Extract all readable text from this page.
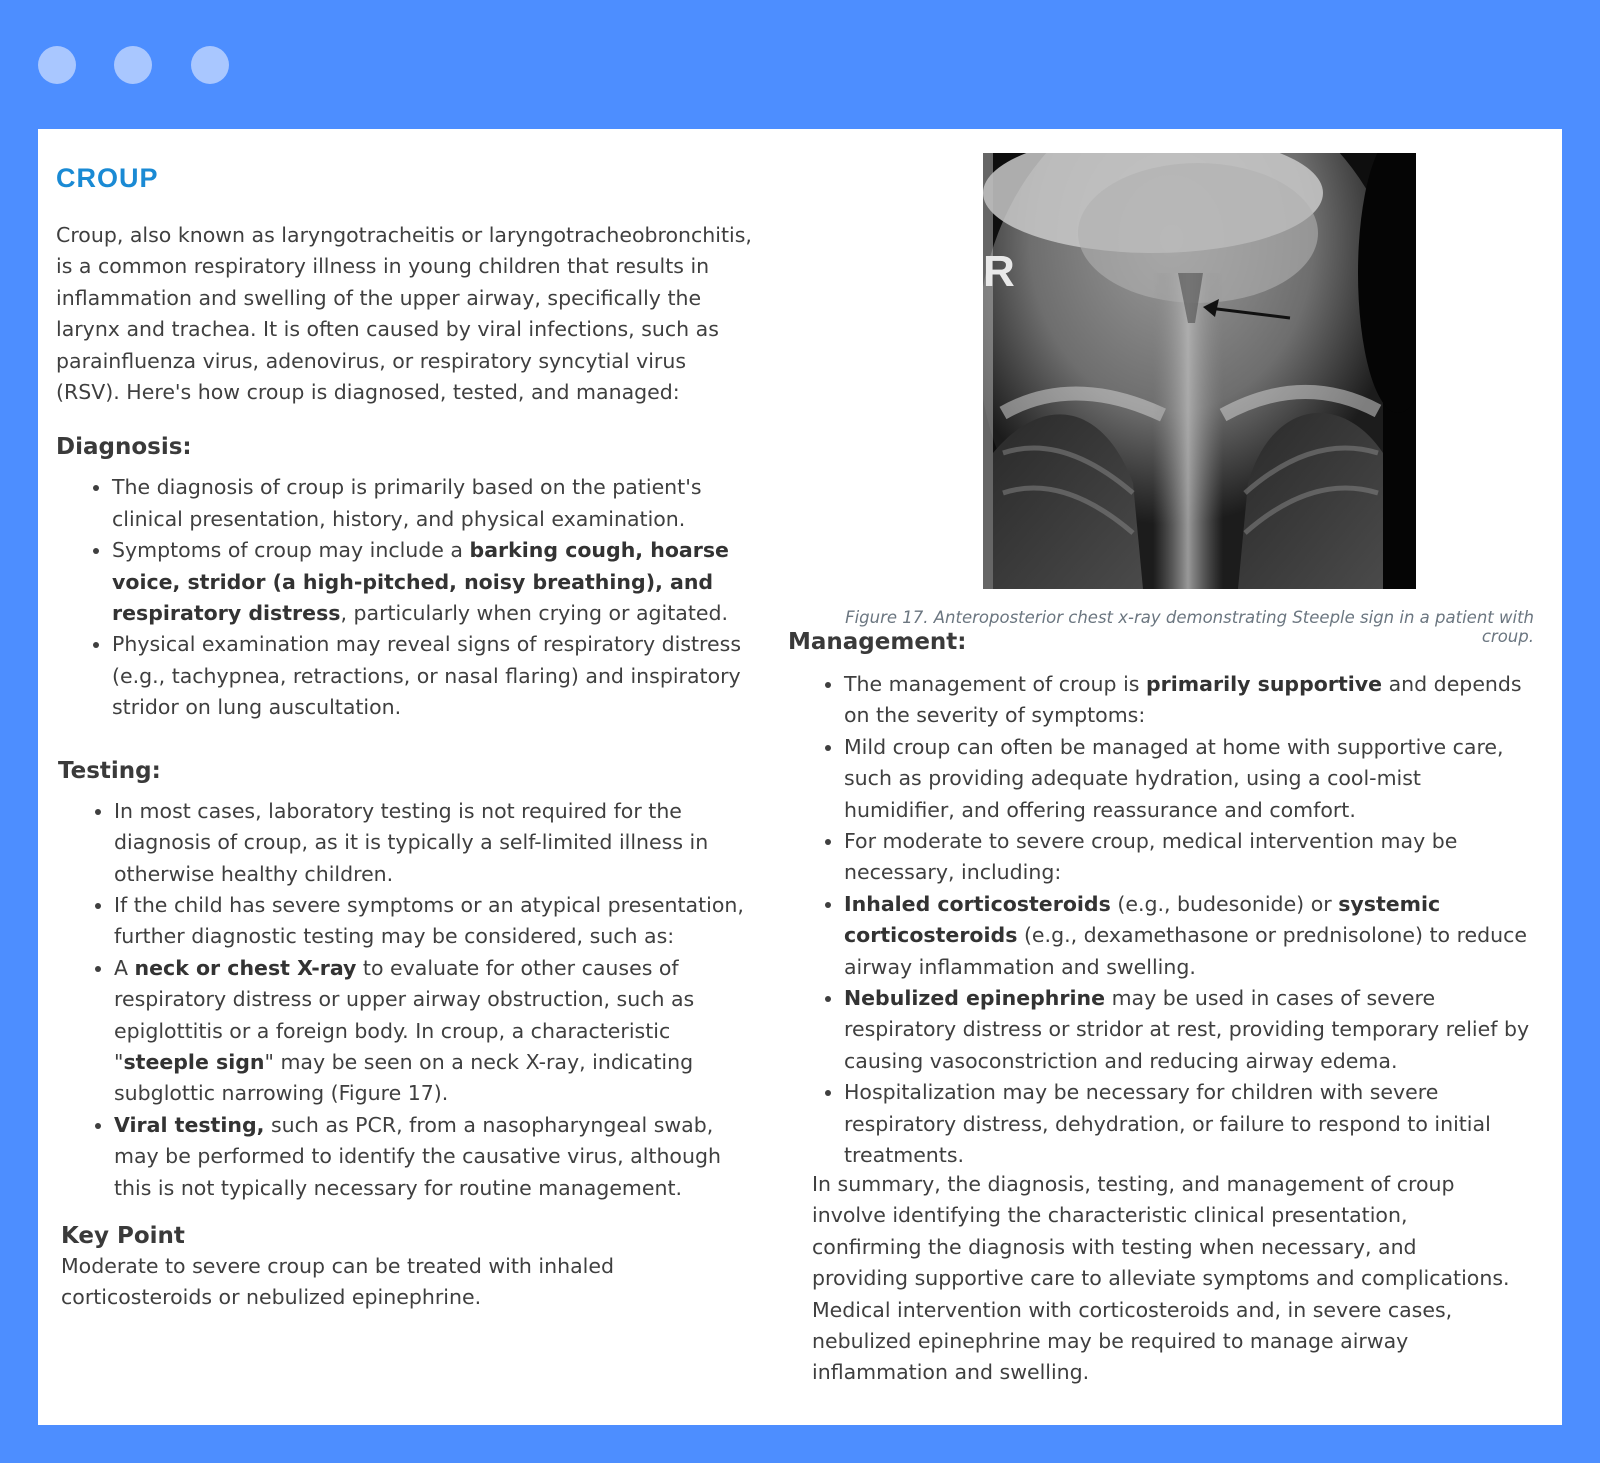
CROUP

Croup, also known as laryngotracheitis or laryngotracheobronchitis, is a common respiratory illness in young children that results in inflammation and swelling of the upper airway, specifically the larynx and trachea. It is often caused by viral infections, such as parainfluenza virus, adenovirus, or respiratory syncytial virus (RSV). Here's how croup is diagnosed, tested, and managed:

Diagnosis:
• The diagnosis of croup is primarily based on the patient's clinical presentation, history, and physical examination.
• Symptoms of croup may include a barking cough, hoarse voice, stridor (a high-pitched, noisy breathing), and respiratory distress, particularly when crying or agitated.
• Physical examination may reveal signs of respiratory distress (e.g., tachypnea, retractions, or nasal flaring) and inspiratory stridor on lung auscultation.
Testing:
• In most cases, laboratory testing is not required for the diagnosis of croup, as it is typically a self-limited illness in otherwise healthy children.
• If the child has severe symptoms or an atypical presentation, further diagnostic testing may be considered, such as:
• A neck or chest X-ray to evaluate for other causes of respiratory distress or upper airway obstruction, such as epiglottitis or a foreign body. In croup, a characteristic "steeple sign" may be seen on a neck X-ray, indicating subglottic narrowing (Figure 17).
• Viral testing, such as PCR, from a nasopharyngeal swab, may be performed to identify the causative virus, although this is not typically necessary for routine management.
Key Point

Moderate to severe croup can be treated with inhaled corticosteroids or nebulized epinephrine.

R
Figure 17. Anteroposterior chest x-ray demonstrating Steeple sign in a patient with croup.
Management:
• The management of croup is primarily supportive and depends on the severity of symptoms:
• Mild croup can often be managed at home with supportive care, such as providing adequate hydration, using a cool-mist humidifier, and offering reassurance and comfort.
• For moderate to severe croup, medical intervention may be necessary, including:
• Inhaled corticosteroids (e.g., budesonide) or systemic corticosteroids (e.g., dexamethasone or prednisolone) to reduce airway inflammation and swelling.
• Nebulized epinephrine may be used in cases of severe respiratory distress or stridor at rest, providing temporary relief by causing vasoconstriction and reducing airway edema.
• Hospitalization may be necessary for children with severe respiratory distress, dehydration, or failure to respond to initial treatments.

In summary, the diagnosis, testing, and management of croup involve identifying the characteristic clinical presentation, confirming the diagnosis with testing when necessary, and providing supportive care to alleviate symptoms and complications. Medical intervention with corticosteroids and, in severe cases, nebulized epinephrine may be required to manage airway inflammation and swelling.
